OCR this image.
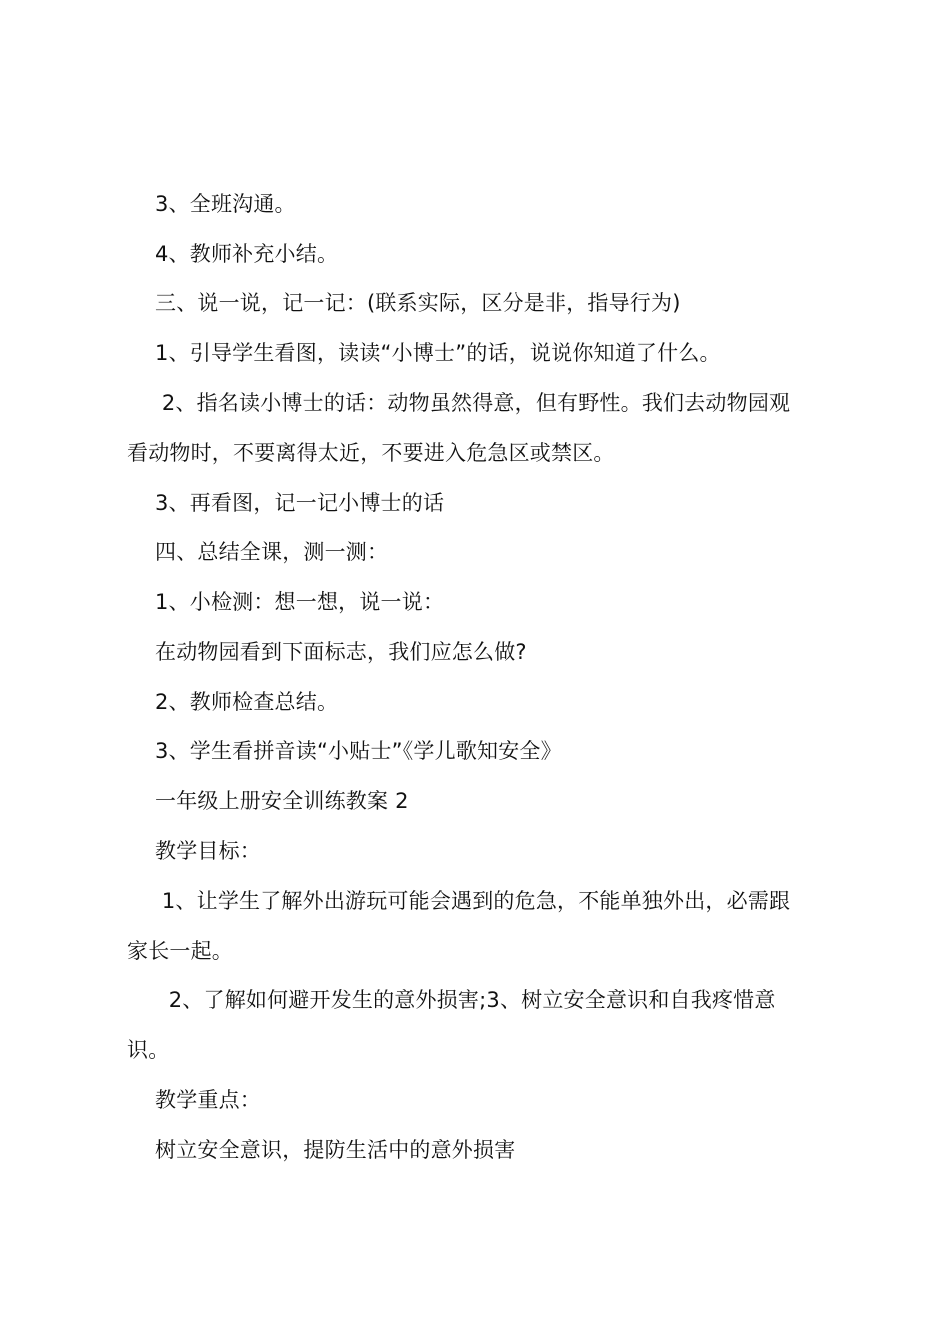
3、全班沟通。
4、教师补充小结。
三、说一说，记一记：(联系实际，区分是非，指导行为)
1、引导学生看图，读读“小博士”的话，说说你知道了什么。
2、指名读小博士的话：动物虽然得意，但有野性。我们去动物园观
看动物时，不要离得太近，不要进入危急区或禁区。
3、再看图，记一记小博士的话
四、总结全课，测一测：
1、小检测：想一想，说一说：
在动物园看到下面标志，我们应怎么做?
2、教师检查总结。
3、学生看拼音读“小贴士”《学儿歌知安全》
一年级上册安全训练教案 2
教学目标：
1、让学生了解外出游玩可能会遇到的危急，不能单独外出，必需跟
家长一起。
2、了解如何避开发生的意外损害;3、树立安全意识和自我疼惜意
识。
教学重点：
树立安全意识，提防生活中的意外损害
